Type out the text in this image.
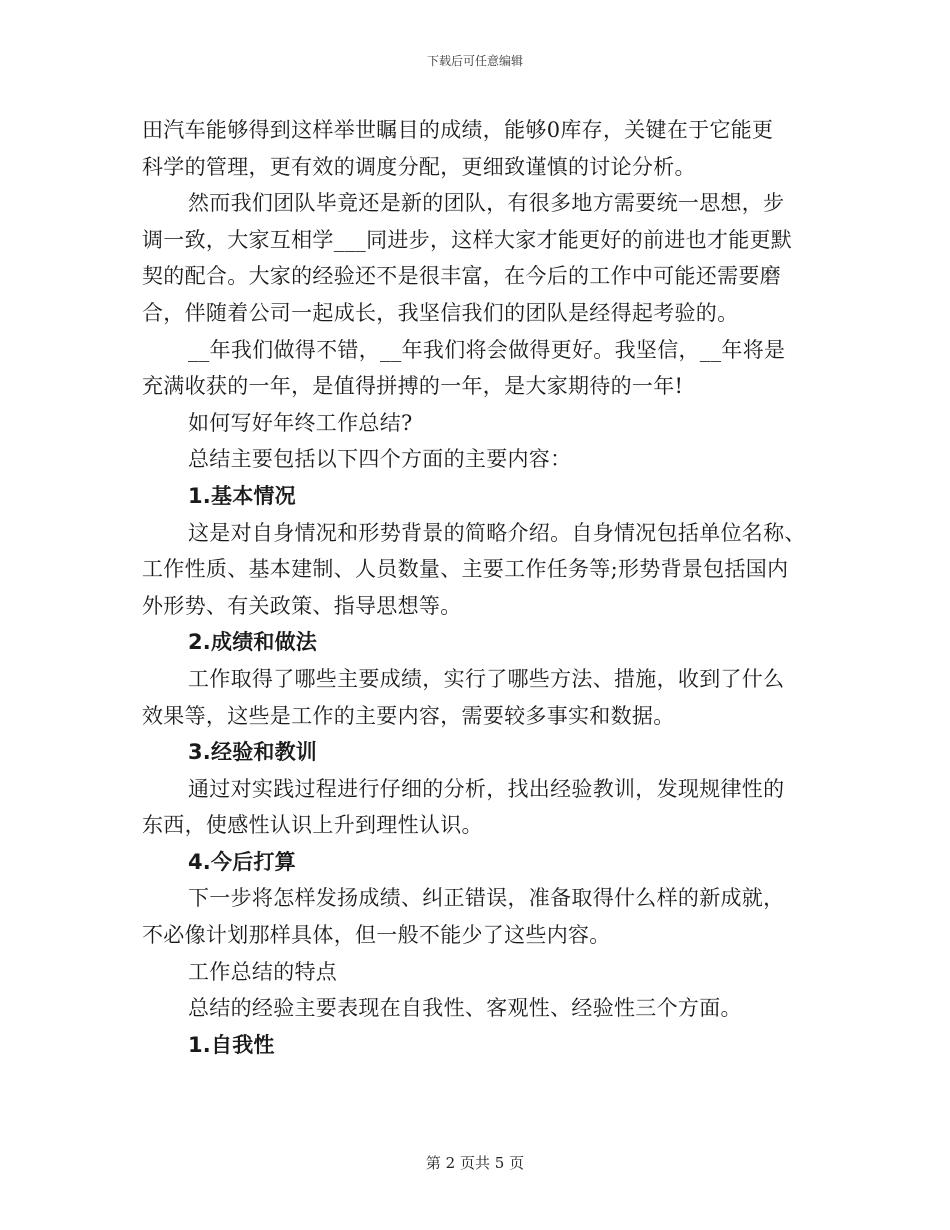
下载后可任意编辑
田汽车能够得到这样举世瞩目的成绩，能够0库存，关键在于它能更
科学的管理，更有效的调度分配，更细致谨慎的讨论分析。
然而我们团队毕竟还是新的团队，有很多地方需要统一思想，步
调一致，大家互相学___同进步，这样大家才能更好的前进也才能更默
契的配合。大家的经验还不是很丰富，在今后的工作中可能还需要磨
合，伴随着公司一起成长，我坚信我们的团队是经得起考验的。
__年我们做得不错，__年我们将会做得更好。我坚信，__年将是
充满收获的一年，是值得拼搏的一年，是大家期待的一年!
如何写好年终工作总结?
总结主要包括以下四个方面的主要内容：
1.基本情况
这是对自身情况和形势背景的简略介绍。自身情况包括单位名称、
工作性质、基本建制、人员数量、主要工作任务等;形势背景包括国内
外形势、有关政策、指导思想等。
2.成绩和做法
工作取得了哪些主要成绩，实行了哪些方法、措施，收到了什么
效果等，这些是工作的主要内容，需要较多事实和数据。
3.经验和教训
通过对实践过程进行仔细的分析，找出经验教训，发现规律性的
东西，使感性认识上升到理性认识。
4.今后打算
下一步将怎样发扬成绩、纠正错误，准备取得什么样的新成就，
不必像计划那样具体，但一般不能少了这些内容。
工作总结的特点
总结的经验主要表现在自我性、客观性、经验性三个方面。
1.自我性
第 2 页共 5 页
